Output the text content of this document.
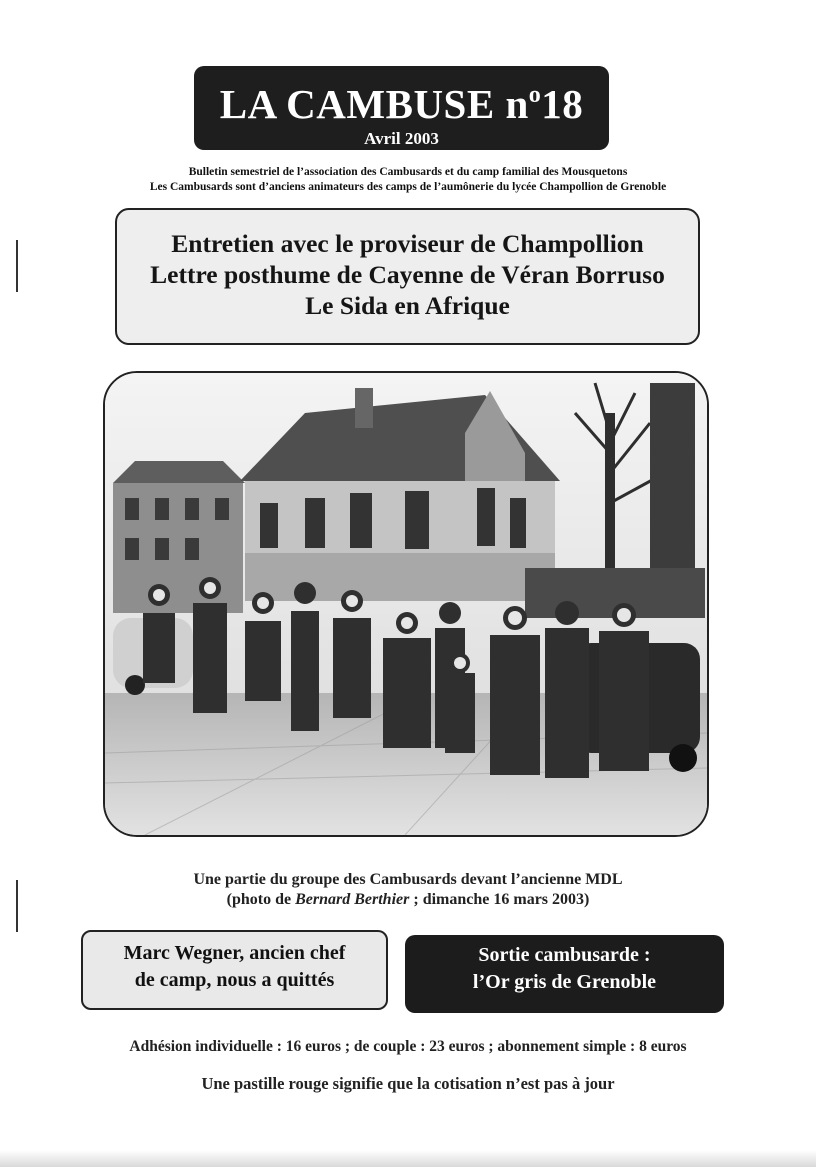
LA CAMBUSE $n^o18$
Avril 2003
Bulletin semestriel de l’association des Cambusards et du camp familial des Mousquetons
Les Cambusards sont d’anciens animateurs des camps de l’aumônerie du lycée Champollion de Grenoble
Entretien avec le proviseur de Champollion
Lettre posthume de Cayenne de Véran Borruso
Le Sida en Afrique
Une partie du groupe des Cambusards devant l’ancienne MDL
(photo de Bernard Berthier ; dimanche 16 mars 2003)
Marc Wegner, ancien chef
de camp, nous a quittés
Sortie cambusarde :
l’Or gris de Grenoble
Adhésion individuelle : 16 euros ; de couple : 23 euros ; abonnement simple : 8 euros
Une pastille rouge signifie que la cotisation n’est pas à jour
